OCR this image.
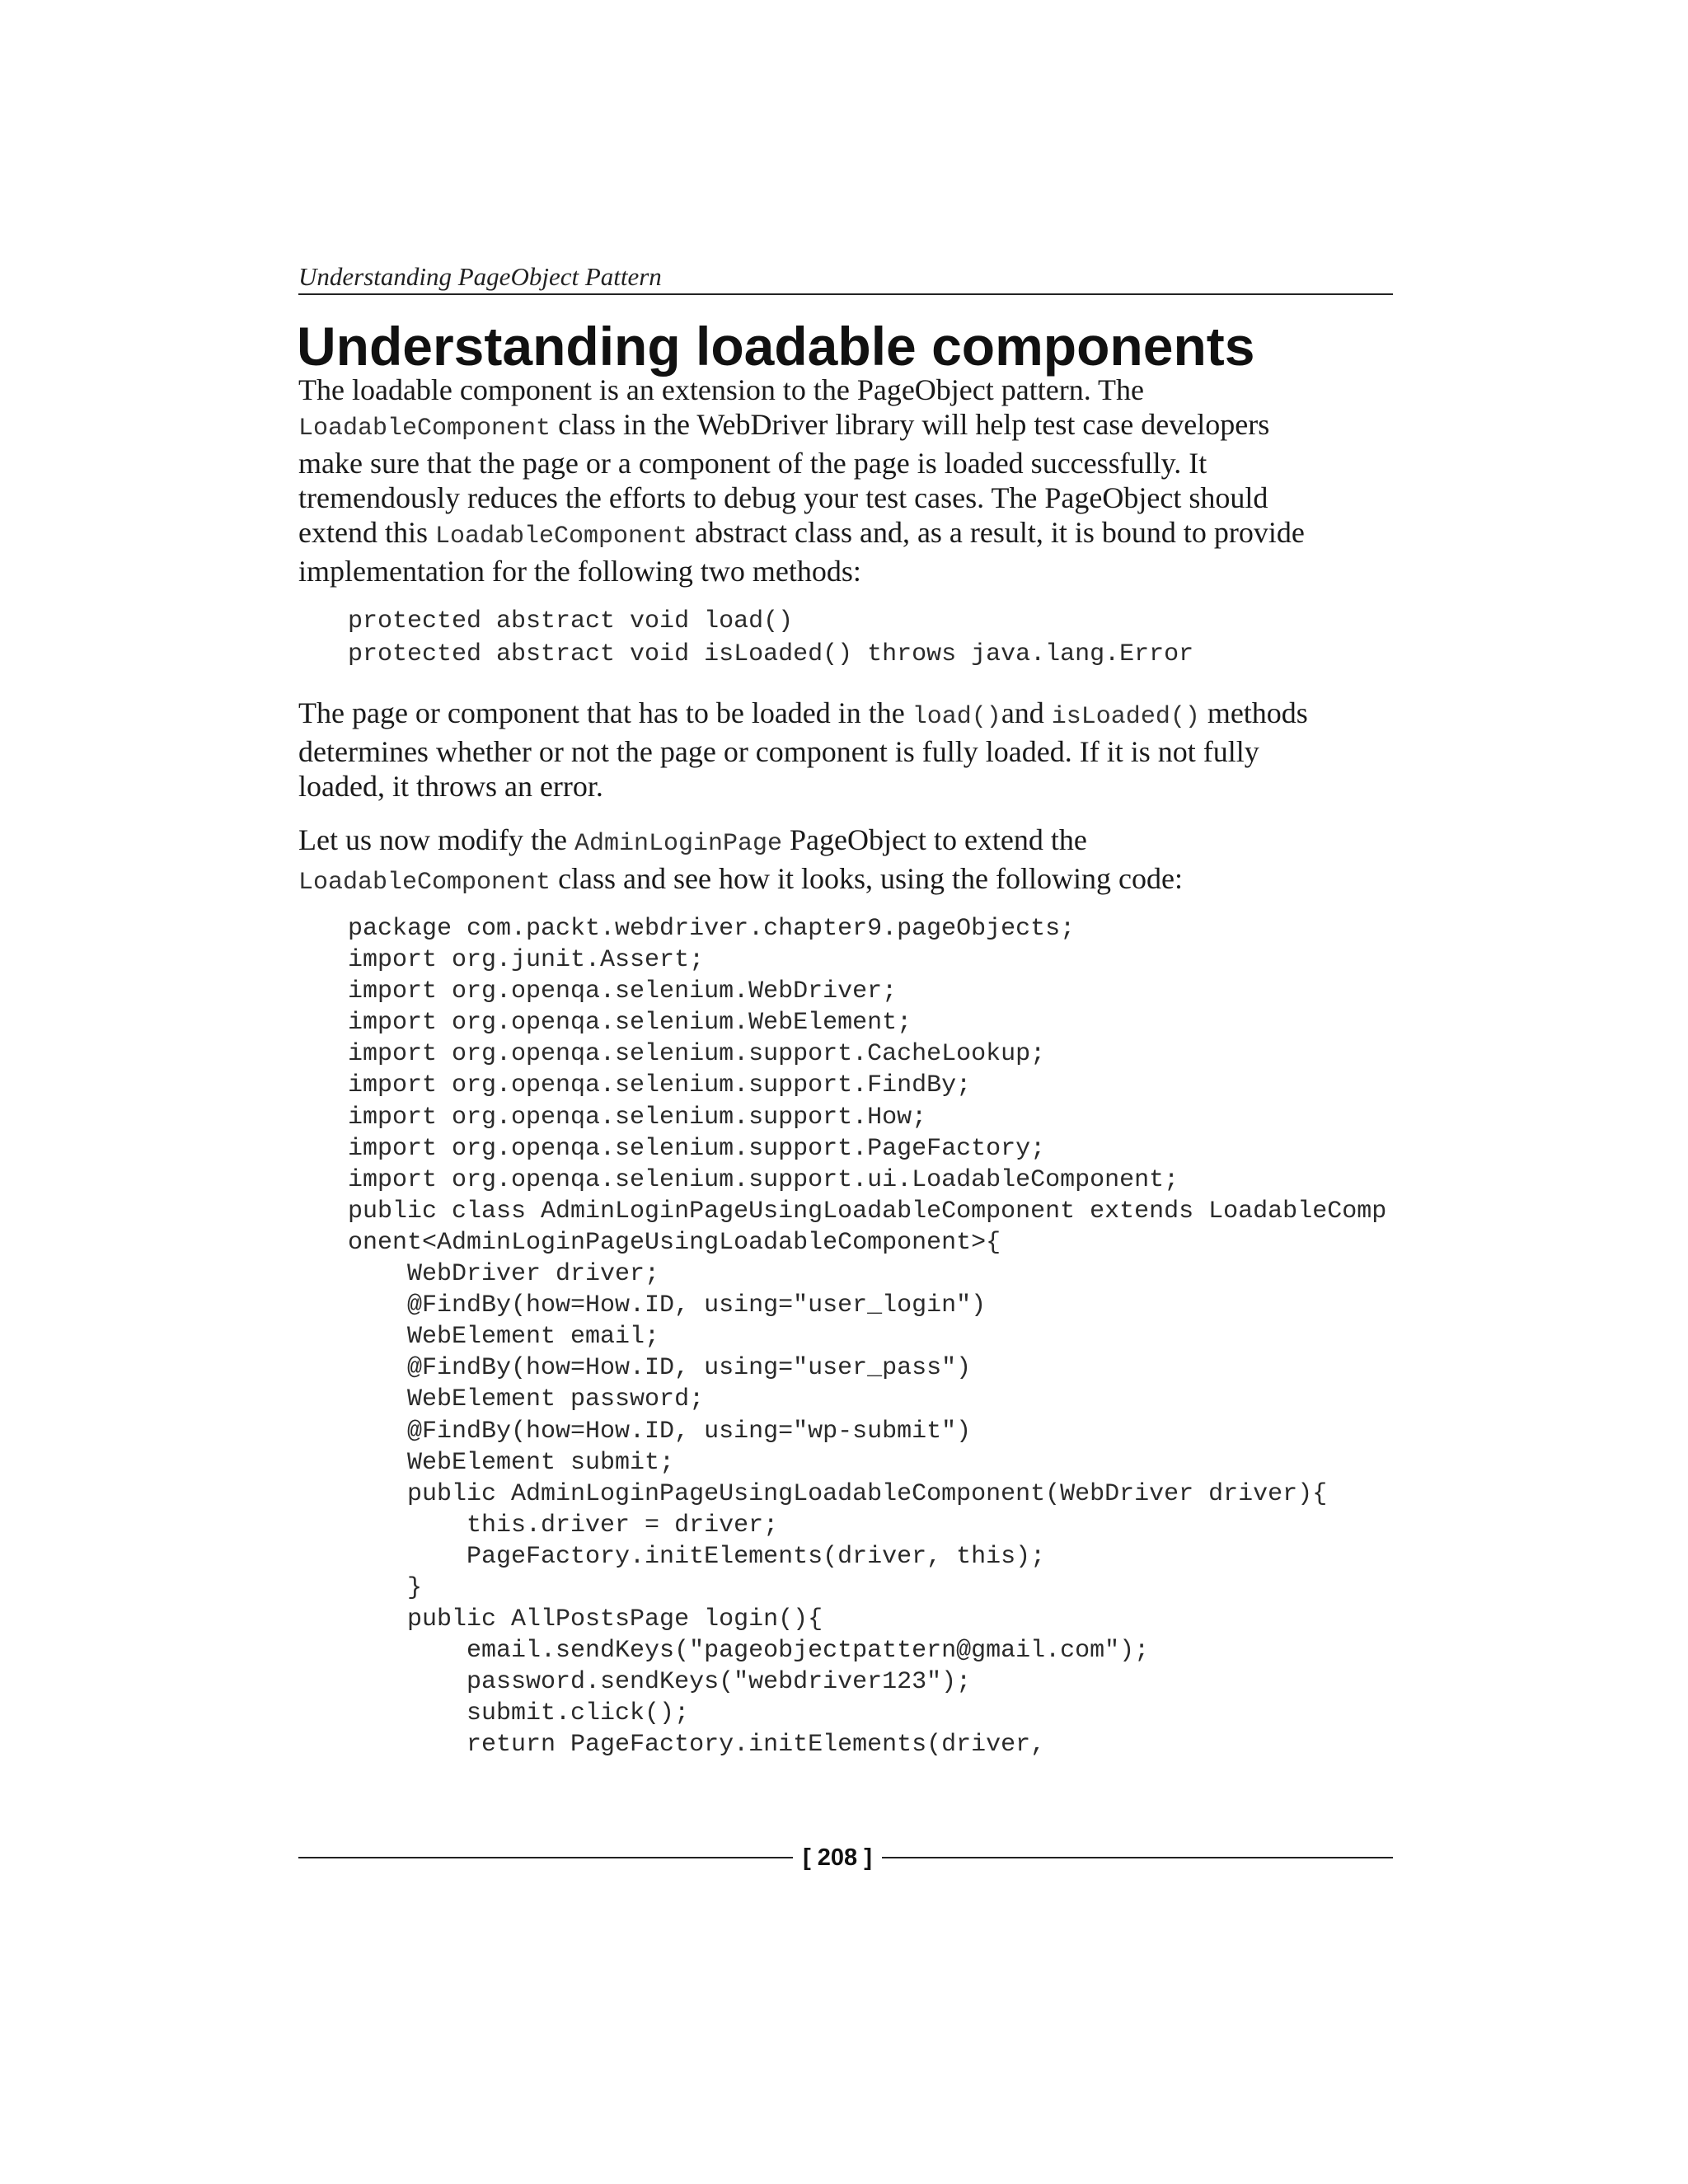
Understanding PageObject Pattern
Understanding loadable components
The loadable component is an extension to the PageObject pattern. The
LoadableComponent class in the WebDriver library will help test case developers
make sure that the page or a component of the page is loaded successfully. It
tremendously reduces the efforts to debug your test cases. The PageObject should
extend this LoadableComponent abstract class and, as a result, it is bound to provide
implementation for the following two methods:
protected abstract void load()
protected abstract void isLoaded() throws java.lang.Error
The page or component that has to be loaded in the load()and isLoaded() methods
determines whether or not the page or component is fully loaded. If it is not fully
loaded, it throws an error.
Let us now modify the AdminLoginPage PageObject to extend the
LoadableComponent class and see how it looks, using the following code:
package com.packt.webdriver.chapter9.pageObjects;
import org.junit.Assert;
import org.openqa.selenium.WebDriver;
import org.openqa.selenium.WebElement;
import org.openqa.selenium.support.CacheLookup;
import org.openqa.selenium.support.FindBy;
import org.openqa.selenium.support.How;
import org.openqa.selenium.support.PageFactory;
import org.openqa.selenium.support.ui.LoadableComponent;
public class AdminLoginPageUsingLoadableComponent extends LoadableComp
onent<AdminLoginPageUsingLoadableComponent>{
WebDriver driver;
@FindBy(how=How.ID, using="user_login")
WebElement email;
@FindBy(how=How.ID, using="user_pass")
WebElement password;
@FindBy(how=How.ID, using="wp-submit")
WebElement submit;
public AdminLoginPageUsingLoadableComponent(WebDriver driver){
this.driver = driver;
PageFactory.initElements(driver, this);
}
public AllPostsPage login(){
email.sendKeys("pageobjectpattern@gmail.com");
password.sendKeys("webdriver123");
submit.click();
return PageFactory.initElements(driver,
[ 208 ]
